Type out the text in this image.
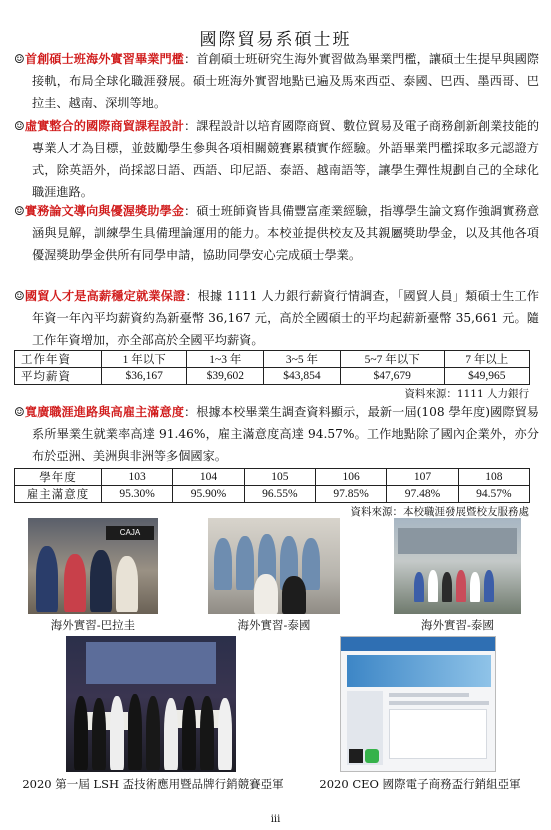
國際貿易系碩士班

☺首創碩士班海外實習畢業門檻：首創碩士班研究生海外實習做為畢業門檻，讓碩士生提早與國際接軌，布局全球化職涯發展。碩士班海外實習地點已遍及馬來西亞、泰國、巴西、墨西哥、巴拉圭、越南、深圳等地。

☺虛實整合的國際商貿課程設計：課程設計以培育國際商貿、數位貿易及電子商務創新創業技能的專業人才為目標，並鼓勵學生參與各項相關競賽累積實作經驗。外語畢業門檻採取多元認證方式，除英語外，尚採認日語、西語、印尼語、泰語、越南語等，讓學生彈性規劃自己的全球化職涯進路。

☺實務論文導向與優渥獎助學金：碩士班師資皆具備豐富產業經驗，指導學生論文寫作強調實務意涵與見解，訓練學生具備理論運用的能力。本校並提供校友及其親屬獎助學金，以及其他各項優渥獎助學金供所有同學申請，協助同學安心完成碩士學業。

☺國貿人才是高薪穩定就業保證：根據 1111 人力銀行薪資行情調查，「國貿人員」類碩士生工作年資一年內平均薪資約為新臺幣 36,167 元，高於全國碩士的平均起薪新臺幣 35,661 元。隨工作年資增加，亦全部高於全國平均薪資。

工作年資	1 年以下	1~3 年	3~5 年	5~7 年以下	7 年以上
平均薪資	$36,167	$39,602	$43,854	$47,679	$49,965
資料來源：1111 人力銀行

☺寬廣職涯進路與高雇主滿意度：根據本校畢業生調查資料顯示，最新一屆(108 學年度)國際貿易系所畢業生就業率高達 91.46%，雇主滿意度高達 94.57%。工作地點除了國內企業外，亦分布於亞洲、美洲與非洲等多個國家。

學年度	103	104	105	106	107	108
雇主滿意度	95.30%	95.90%	96.55%	97.85%	97.48%	94.57%
資料來源：本校職涯發展暨校友服務處
CAJA
海外實習-巴拉圭	海外實習-泰國	海外實習-泰國
2020 第一屆 LSH 盃技術應用暨品牌行銷競賽亞軍	2020 CEO 國際電子商務盃行銷組亞軍
iii
